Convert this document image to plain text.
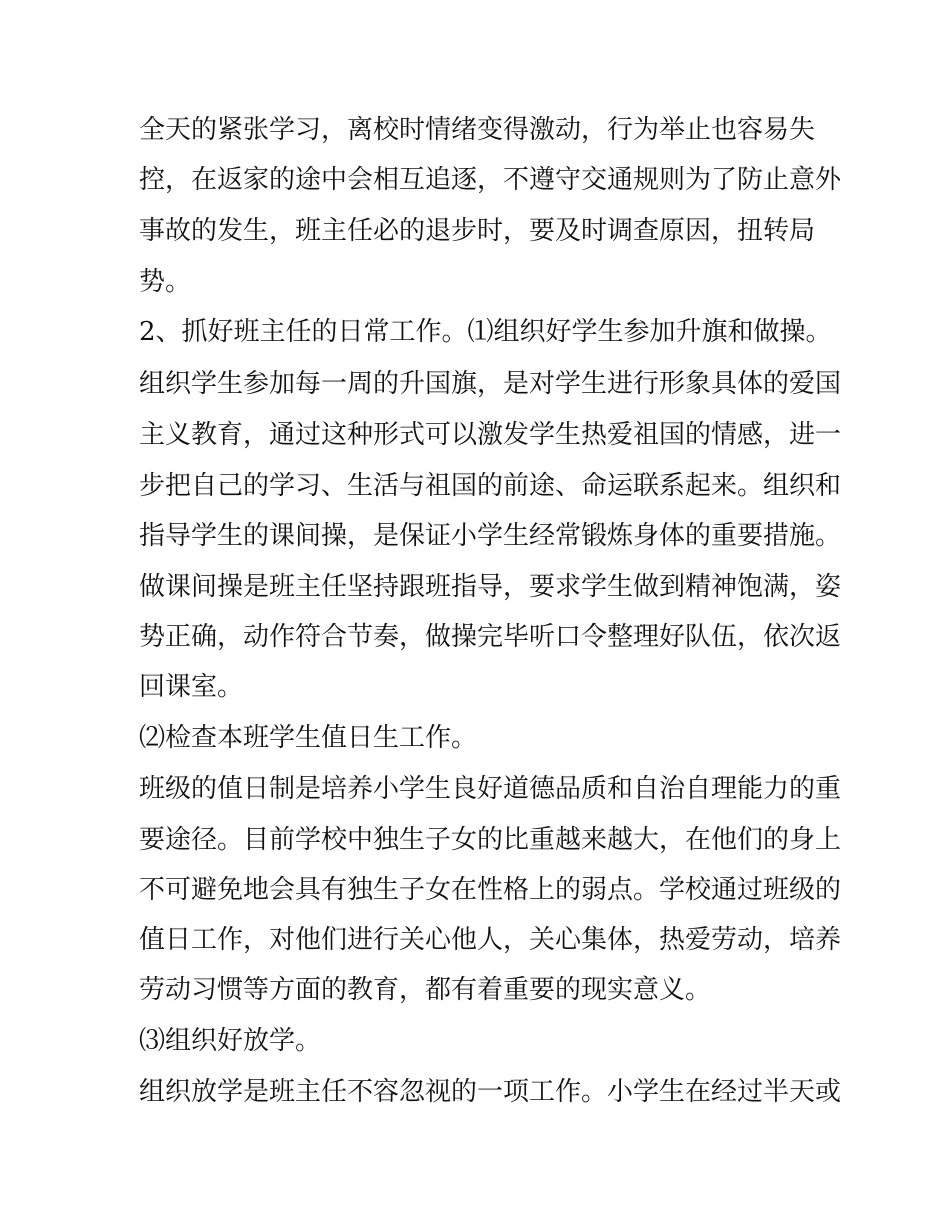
全天的紧张学习，离校时情绪变得激动，行为举止也容易失
控，在返家的途中会相互追逐，不遵守交通规则为了防止意外
事故的发生，班主任必的退步时，要及时调查原因，扭转局
势。
2、抓好班主任的日常工作。⑴组织好学生参加升旗和做操。
组织学生参加每一周的升国旗，是对学生进行形象具体的爱国
主义教育，通过这种形式可以激发学生热爱祖国的情感，进一
步把自己的学习、生活与祖国的前途、命运联系起来。组织和
指导学生的课间操，是保证小学生经常锻炼身体的重要措施。
做课间操是班主任坚持跟班指导，要求学生做到精神饱满，姿
势正确，动作符合节奏，做操完毕听口令整理好队伍，依次返
回课室。
⑵检查本班学生值日生工作。
班级的值日制是培养小学生良好道德品质和自治自理能力的重
要途径。目前学校中独生子女的比重越来越大，在他们的身上
不可避免地会具有独生子女在性格上的弱点。学校通过班级的
值日工作，对他们进行关心他人，关心集体，热爱劳动，培养
劳动习惯等方面的教育，都有着重要的现实意义。
⑶组织好放学。
组织放学是班主任不容忽视的一项工作。小学生在经过半天或
